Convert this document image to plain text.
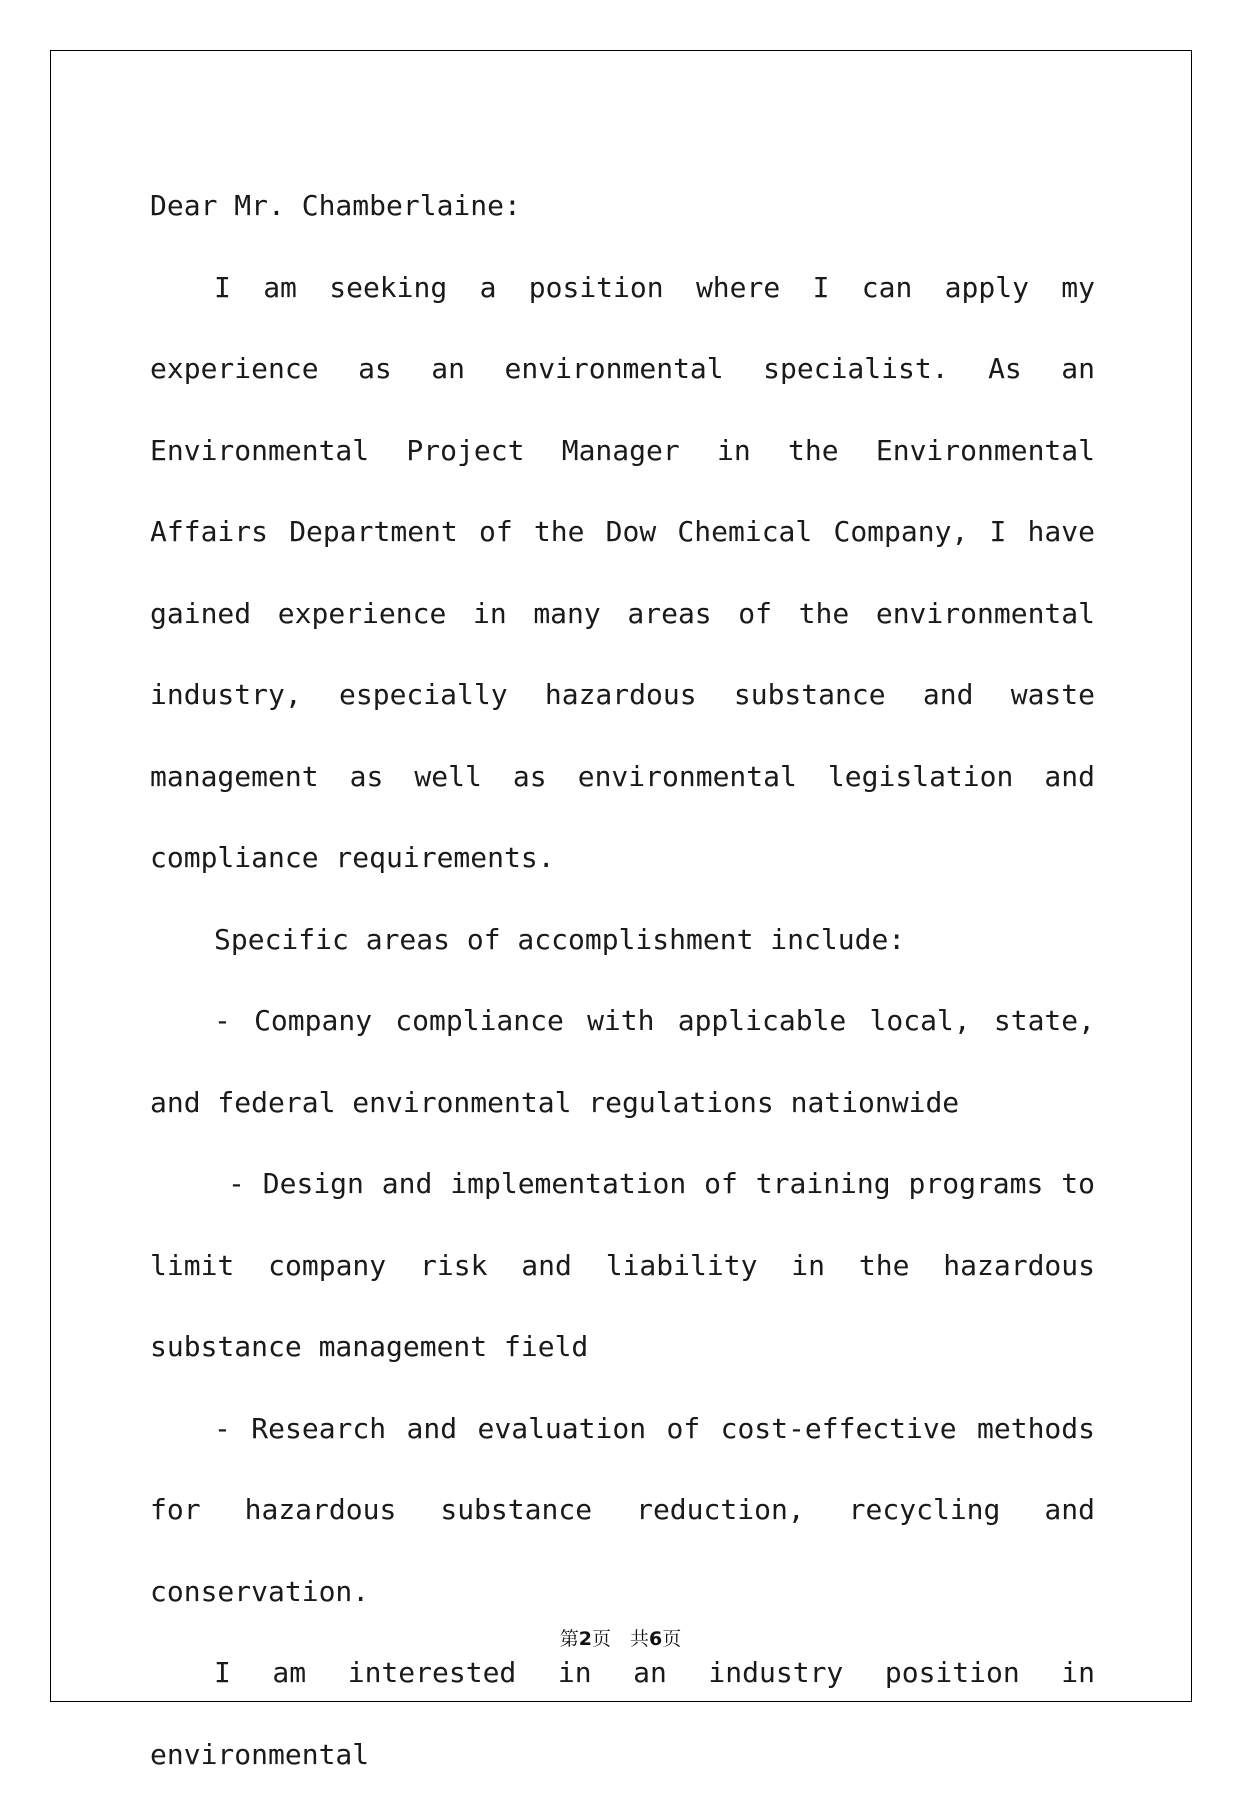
Dear Mr. Chamberlaine:

I am seeking a position where I can apply my experience as an environmental specialist. As an Environmental Project Manager in the Environmental Affairs Department of the Dow Chemical Company, I have gained experience in many areas of the environmental industry, especially hazardous substance and waste management as well as environmental legislation and compliance requirements.

Specific areas of accomplishment include:

- Company compliance with applicable local, state, and federal environmental regulations nationwide

- Design and implementation of training programs to limit company risk and liability in the hazardous substance management field

- Research and evaluation of cost-effective methods for hazardous substance reduction, recycling and conservation.

I am interested in an industry position in environmental

第2页　共6页
